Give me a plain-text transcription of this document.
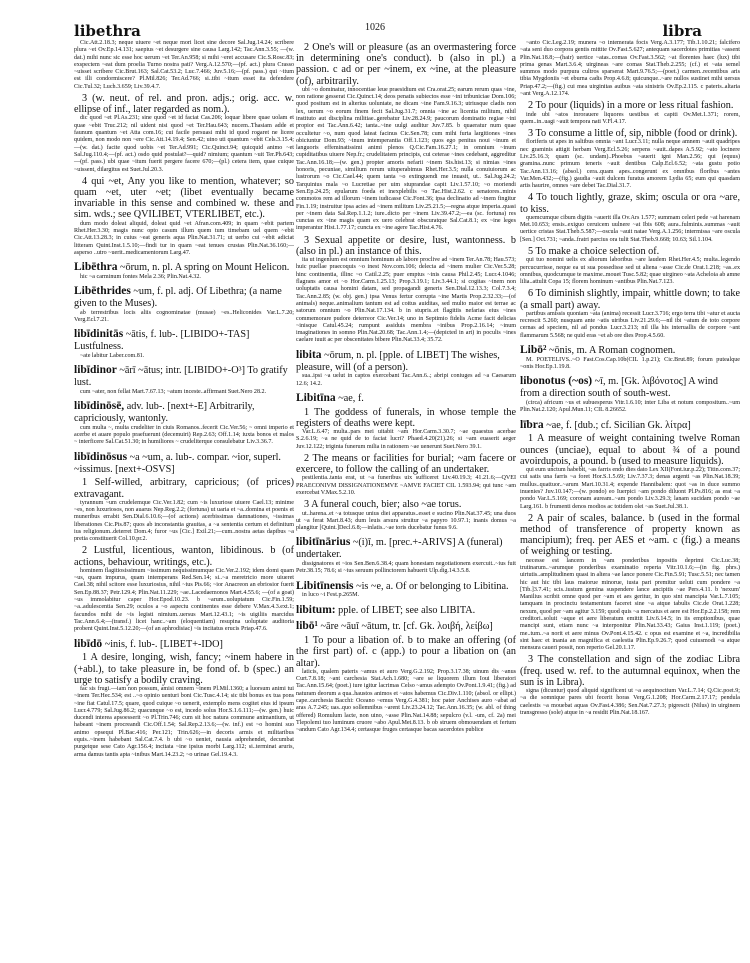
libethra	1026	libra

Cic.Att.2.18.3; neque uiuere ~et neque mori licet sine decore Sal.Jug.14.24; scribere plura ~et Ov.Ep.14.131; saepius ~et desurgere sine causa Larg.142; Tac.Ann.3.55; —(w. dat.) mihi nunc sic esse hoc uerum ~et Ter.An.958; si mihi ~eret accusare Cic.S.Rosc.83; exspectem ~eat dum proelia Turno nostra pati? Verg.A.12.570;—(pf. act.) plura Crasso ~uisset scribere Cic.Brut.163; Sal.Cat.53.2; Luc.7.466; Juv.5.16;—(pf. pass.) qui ~itum est illi condormiscere? Pl.Mil.826; Ter.Ad.766; si..tibi ~itum esset ita defendere Cic.Tul.32; Luch.3.659; Liv.39.4.7.

3 (w. neut. of rel. and pron. adjs.; orig. acc. w. ellipse of inf., later regarded as nom.).

dic quod ~et Pl.As.231; sine quod ~et id faciat Cas.206; loquar libere quae uolam et quae ~ebit Truc.212; nil uident nisi quod ~et Ter.Hau.643; nucem..Thasiam adde et faunum quantum ~et Atta com.16; cui facile persuasi mihi id quod rogaret ne licere quidem, non modo non ~ere Cic.Att.14.19.4; Sen.42; uino uti quantum ~ebit Cels.3.15.4;—(w. dat.) facite quod uobis ~et Ter.Ad.991; Cic.Quinct.94; quicquid animo ~et Sal.Jug.110.4;—(pf. act.) osdo quid postulat?—quid? nimium; quantum ~uit Ter.Ph.643;—(pf. pass.) ubi quae ~itum fuerit pergere facere 670;—(pl.) cetera item, quae cuique ~uissent, dilargitus est Suet.Jul.20.3.

4 qui ~et, Any you like to mention, whatever; so quam ~et, uter ~et; (libet eventually became invariable in this sense and combined w. these and sim. wds.; see QVILIBET, VTERLIBET, etc.).

dum modo doleat aliquid, doleat quid ~et Afran.com.409; in quam ~ebit partem Rhet.Her.3.30; magis nunc opto casum illum quem tum timebam uel quem ~ebit Cic.Att.13.28.3; in cuius ~eat generis aqua Plin.Nat.31.71; ut uerbo cui ~ebit adiciat litteram Quint.Inst.1.5.10;—findi tur in quam ~eat tenues crustas Plin.Nat.36.160;—asperso ..utro ~uerit..medicamentorum Larg.47.

Libēthra ~ōrum, n. pl. A spring on Mount Helicon.

hic ~a carminum fontes Mela 2.36; Plin.Nat.4.32.

Libēthrides ~um, f. pl. adj. Of Libethra; (a name given to the Muses).

ab terrestribus locis aliis cognominatae (musae) ~es..Heliconides Var.L.7.20; Verg.Ecl.7.21.

libīdinitās ~ātis, f. lub-. [LIBIDO+-TAS] Lustfulness.

~ate labitur Laber.com.81.

libīdinor ~ārī ~ātus; intr. [LIBIDO+-O³] To gratify lust.

cum ~ater, non fellat Mart.7.67.13; ~atum inceste..affirmant Suet.Nero 28.2.

libīdinōsē, adv. lub-. [next+-E] Arbitrarily, capriciously, wantonly.

cum multa ~, multa crudeliter in ciuis Romanos..fecerit Cic.Ver.56; ~ omni imperio et acerbe et auare populo praefuerunt (decemuiri) Rep.2.63; Off.1.14; iuxta bonos et malos ~ interficere Sal.Cat.51.30; in humiliores ~ crudeliterque consulebatur Liv.3.36.7.

libīdinōsus ~a ~um, a. lub-. compar. ~ior, superl. ~issimus. [next+-OSVS]

1 Self-willed, arbitrary, capricious; (of prices) extravagant.

tyrannum ~um crudelemque Cic.Ver.1.82; cum ~is luxuriose uiuere Cael.13; minime ~es, non luxuriosos, non auarus Nep.Reg.2.2; (fortuna) ut uaria et ~a..domina et poenis et muneribus errabit Sen.Dial.6.10.6;—(of actions) acerbissimas damnationes, ~issimas liberationes Cic.Pis.87; quos ab inconstantia grauitas, a ~a sententia certum et definitum ius religionum..deterret Dom.4; furor ~us [Cic.] Exil.21;—cum..nostra aetas dapibus ~a pretia constituerit Col.10.pr.2.

2 Lustful, licentious, wanton, libidinous. b (of actions, behaviour, writings, etc.).

hominem flagitiosissimum ~issimum nequissimumque Cic.Ver.2.192; idem domi quam ~us, quam impurus, quam intemperans Red.Sen.14; si..~a meretricio more uiueret Cael.38; nihil scitore esse luxuriosius, nihil ~ius Pis.66; ~ior Anacreon an ebriosior fuerit Sen.Ep.88.37; Petr.129.4; Plin.Nat.11.229; ~ae..Lacedaemonos Mart.4.55.6; —(of a goat) ~us immolabitur caper Hor.Epod.10.23. b ~arum..uoluptatum Cic.Fin.1.59; ~a..adulescentia Sen.29; oculos a ~o aspectu continentes esse debere V.Max.4.3.ext.1; facundos mihi de ~is legisti nimium..uersus Mart.12.43.1; ~is uigiliis marcidus Tac.Ann.6.4;—(transf.) licet hanc..~am (eloquentiam) resupina uoluptate auditoria probent Quint.Inst.5.12.20;—(of an aphrodisiac) ~is incitatus erucis Priap.47.6.

libīdō ~inis, f. lub-. [LIBET+-IDO]

1 A desire, longing, wish, fancy; ~inem habere in (+abl.), to take pleasure in, be fond of. b (spec.) an urge to satisfy a bodily craving.

fac sis frugi.—iam non possum, amisi omnem ~inem Pl.Mil.1360; a luorsum animi tui ~inem Ter.Hec.534; est ..~o opinio uenturi boni Cic.Tusc.4.14; sic tibi bonus ex tua pons ~ine fiat Catul.17.5; quare, quod cuique ~o uenerit, extemplo mens cogitet eius id ipsum Lucr.4.779; Sal.Jug.86.2; quacunque ~o est, incedo solus Hor.S.1.6.111;—(w. gen.) huic ducendi interea apsoesserit ~o Pl.Trin.746; cum sit hoc natura commune animantium, ut habeant ~inem procreandi Cic.Off.1.54; Sal.Rep.2.13.6;—(w. inf.) est ~o homini suo animo opsequi Pl.Bac.416; Per.121; Trin.626;—in decoris armis et militaribus equis..~inem habebant Sal.Cat.7.4. b ubi ~o ueniet, nausia adprehendet, decumbat purgetque sese Cato Agr.156.4; incitata ~ine ipsius morbi Larg.112; si..terminat aruris, arma damus tantis apta ~inibus Mart.14.23.2; ~o urinae Gel.19.4.3.

2 One's will or pleasure (as an overmastering force in determining one's conduct). b (also in pl.) a passion. c ad or per ~inem, ex ~ine, at the pleasure (of), arbitrarily.

ubi ~o dominatur, innocentiae leue praesidium est Cra.orat.25; earum rerum quas ~ine, non ratione gesserat Cic.Quinct.14; deos penatis subiectos esse ~ini tribuniciae Dom.106; quod positum est in alterius uoluntate, ne dicam ~ine Fam.9.16.3; utriusque cladis non lex, uerum ~o eorum finem fecit Sal.Jug.31.7; omnia ~ine ac licentia militum, nihil instituto aut disciplina militiae..gerebatur Liv.28.24.9; paucorum dominatio regiae ~ini propior est Tac.Ann.6.42; tanta..~ine uulgi auditur Juv.7.85. b quaeratur num quae occultetur ~o, num quod lateat facinus Cic.Sen.78; cum mihi furta largitiones ~ines obiciuntur Dom.93; ~inum intemperantia Off.1.123; quos ego penitus noui ~inum et languoris effeminatissimi animi plenos Q.Cic.Fam.16.27.1; in omnium ~inum cupiditatibus uiuere Nep.fr.; crudelitatem principis, cui ceterae ~ines cedebant, aggreditur Tac.Ann.16.18;—(w. gen.) propter amoris nefarii ~inem Sis.hist.13; si nimias ~ines honoris, pecuniae, similium rerum uituperabimus Rhet.Her.3.5; nulla conuiuiorum ac lustrorum ~o Cic.Cael.44; quem tanta ~o extinguendi me inuasit, ut.. Sal.Jug.24.2; Tarquinius mala ~o Lucretiae per uim stuprandae capit Liv.1.57.10; ~o moriendi Sen.Ep.24.25; epularum foeda et inexplebilis ~o Tac.Hist.2.62. c senatores..minis commotos rem ad illorum ~inem iudicasse Cic.Font.36; ipsa declinatio ad ~inem fingitur Fin.1.19; instruitur ipsa acies ad ~inem militum Liv.25.21.5;—regna atque imperia..quasi per ~inem data Sal.Rep.1.1.2; iure..dicto per ~inem Liv.39.47.2;—ea (sc. fortuna) res cunctas ex ~ine magis quam ex uero celebrat obscuratque Sal.Cat.8.1; ex ~ine leges imperantur Hist.1.77.17; cuncta ex ~ine agere Tac.Hist.4.76.

3 Sexual appetite or desire, lust, wantonness. b (also in pl.) an instance of this.

ita ut ingenium est omnium hominum ab labore proclive ad ~inem Ter.An.78; Hau.573; huic puellae praecoquis ~o inest Nov.com.106; delecta ad ~inem mulier Cic.Ver.5.28; hinc continentia, illinc ~o Catil.2.25; puer emptus ~inis causa Phil.2.45; Lucr.4.1046; flagrans amor et ~o Hor.Carm.1.25.13; Prop.3.19.1; Liv.3.44.1; si cogitas ~inem non uoluptatis causa homini datam, sed propagandi generis Sen.Dial.12.13.3; Col.7.3.4; Tac.Ann.2.85; (w. obj. gen.) ipsa Venus fertur corrupta ~ine Martis Prop.2.32.33;—(of animals) neque..animalium tantum est ad coitus auiditas, sed multo maior est terrae ac satorum omnium ~o Plin.Nat.17.134. b in stupris..et flagitiis nefarias eius ~ines commemorare pudore deterreor Cic.Ver.14; uno in Septimio fidelis Acme facit delicias ~inisque Catul.45.24; rumpunt assiduis membra ~inibus Prop.2.16.14; ~inum imaginationes in somno Plin.Nat.20.68; Tac.Ann.1.4;—(depicted in art) in poculis ~ines caelare iuuit ac per obscenitates bibere Plin.Nat.33.4; 35.72.

libita ~ōrum, n. pl. [pple. of LIBET] The wishes, pleasure, will (of a person).

sua..ipsi ~a uelut in captos exercebant Tac.Ann.6..; abripi coniuges ad ~a Caesarum 12.6; 14.2.

Libitīna ~ae, f.

1 The goddess of funerals, in whose temple the registers of deaths were kept.

Var.L.6.47; multa..pars mei uitabit ~am Hor.Carm.3.30.7; ~ae quaestus acerbae S.2.6.19; ~a ne quid de to faciat lucri? Phaed.4.20(21).26; si ~am euaserit aeger Juv.12.122; triginta funerum milia in rationem ~ae uenerunt Suet.Nero 39.1.

2 The means or facilities for burial; ~am facere or exercere, to follow the calling of an undertaker.

pestilentia..tanta erat, ut ~a funeribus uix sufficeret Liv.40.19.3; 41.21.6;—QVEI PRAECONIVM DISSIGNATIONEMVE ~AMVE FACIET CIL 1.593.94; qui tunc ~am exercebat V.Max.5.2.10.

3 A funeral couch, bier; also ~ae torus.

ut..harena..et ~a totusque unius diei apparatus..esset e sucino Plin.Nat.37.45; una duos ut ~a ferat Mart.8.43; dum leuis arsura struitur ~a papyro 10.97.1; inanis domus ~a plangitur [Quint.]Decl.6.8;—inlatis..~ae toris ducebatur funus 9.6.

libitīnārius ~(i)ī, m. [prec.+-ARIVS] A (funeral) undertaker.

dissignatores et ~ios Sen.Ben.6.38.4; quam honestam negotiationem exercuit..~ius fuit Petr.38.15; 78.6; si ~ius seruum pollinctorem habuerit Ulp.dig.14.3.5.8.

Libitīnensis ~is ~e, a. Of or belonging to Libitina.

in luco ~i Fest.p.265M.

libitum: pple. of LIBET; see also LIBITA.

libō¹ ~āre ~āuī ~ātum, tr. [cf. Gk. λοιβή, λείβω]

1 To pour a libation of. b to make an offering (of the first part) of. c (app.) to pour a libation on (an altar).

laticis, qualem pateris ~amus et auro Verg.G.2.192; Prop.3.17.38; uinum dis ~anus Curt.7.8.18; ~ant carchesia Stat.Ach.1.680; ~are se liquorem illum Ioui liberatori Tac.Ann.15.64; (poet.) iure igitur lacrimas Celso ~amus adempto Ov.Pont.1.9.41; (fig.) ad naturam deorum a qua..haustos animos et ~atos habemus Cic.Div.1.110; (absol. or ellipt.) cape..carchesia Bacchi: Oceano ~emus Verg.G.4.381; hoc pater Anchises auro ~abat ad aras A.7.245; uas..quo sollemnibus ~arent Liv.23.24.12; Tac.Ann.16.35; (w. abl. of thing offered) Romulum lacte, non uino, ~asse Plin.Nat.14.88; sepulcro (v.l. -um, cf. 2a) mei Tlepolemi tuo luminum cruore ~abo Apul.Met.8.13. b ob struem obmouendam et fertum ~andum Cato Agr.134.4; certasque fruges certasque bacas sacerdotes publice

~anto Cic.Leg.2.19; munera ~o intemerata focis Verg.A.3.177; Tib.1.10.21; falcifero ~ata seni duo corpora gentis mittite Ov.Fast.5.627; antequam sacerdotes primitias ~assent Plin.Nat.18.8;—(hair) uertice ~atas..comas Ov.Fast.3.562; ~at florentes haec (lux) tibi prima genas Mart.3.6.4; uirgineas ~are comas Stat.Theb.2.255; (cf.) et ~ata semel summos modo purpura cultros sparserat Mart.9.76.5;—(poet.) carmen..recentibus aris tibia Mygdoniis ~et eburna cadis Prop.4.6.8; quicunque..~are nullos sustinet mihi uersus Priap.47.2;—(fig.) cui mea uirginitas auibus ~ata sinistris Ov.Ep.2.115. c pateris..altaria ~ant Verg.A.12.174.

2 To pour (liquids) in a more or less ritual fashion.

inde ubi ~atos inrorauere liquores uestibus et capiti Ov.Met.1.371; rorem, quem..in..uagi ~auit tempora nati V.Fl.4.17.

3 To consume a little of, sip, nibble (food or drink).

floriferis ut apes in saltibus omnia ~ant Lucr.3.11; nulla neque amnem ~auit quadripes nec graminis attigit herbam Verg.Ecl.5.26; serpens ~auit..dapes A.5.92; ~ato locinere Liv.25.16.3; quam (sc. undam)..Phoebus ~auerit igni Man.2.56; qui (equus) gramina..nunc primum teneris ~auit dentibus Calp.Ecl.6.52; ~ata gustu potio Tac.Ann.13.16; (absol.) cera..quam apes..congerunt ex omnibus floribus ~antes Var.Men.432;—(fig.) gaudia ~auit dulcem furatus amorem Lydia 65; eum qui quasdam artis haurire, omnes ~are debet Tac.Dial.31.7.

4 To touch lightly, graze, skim; oscula or ora ~are, to kiss.

quemcumque cibum digitis ~auerit illa Ov.Ars 1.577; summam celeri pede ~at harenam Met.10.653; ensis..exiguo ceruicem uulnere ~at Ibis 608; aura..fulminis..summas ~auit uertice cristas Stat.Theb.5.587;—oscula ~auit natae Verg.A.1.256; intermissa ~are oscula [Sen.] Oct.731; ~anda..fratri parcius ora tulit Stat.Theb.9.668; 10.63; Sil.1.104.

5 To make a choice selection of.

qui tuo nomini uelis ex aliorum laboribus ~are laudem Rhet.Her.4.5; multa..legendo percucurrisse, neque ea ut sua possedisse sed ut aliena ~asse Cic.de Orat.1.218; ~as..ex omnibus, quodcumque te maxime..mouet Tusc.5.82; quae uirgineo ~ata Acheloia ab amne lilia..attulit Copa 15; florem hominum ~antibus Plin.Nat.7.123.

6 To diminish slightly, impair, whittle down; to take (a small part) away.

partibus amissis quoniam ~ata (anima) recessit Lucr.3.716; ergo terra tibi ~atur et aucta recrescit 5.260; nusquam ante ~atis uiribus Liv.21.29.6;—nil ibi ~atum de toto corpore cernas ad speciem, nil ad pondus Lucr.3.213; nil illa his interuallis de corpore ~ant flammarum 5.568; ne quid eras ~et ab ore dies Prop.4.5.60.

Libō² ~ōnis, m. A Roman cognomen.

M. POETELIVS..~O Fast.Cos.Cap.10b(CIL 1.p.21); Cic.Brut.89; forum putealque ~onis Hor.Ep.1.19.8.

libonotus (~os) ~ī, m. [Gk. λιβόνοτος] A wind from a direction south of south-west.

(circa) africum ~us et subuesperus Vitr.1.6.10; inter Liba et notum compositum..~um Plin.Nat.2.120; Apul.Mun.11; CIL 8.26652.

lībra ~ae, f. [dub.; cf. Sicilian Gk. λίτρα]

1 A measure of weight containing twelve Roman ounces (unciae), equal to about ¾ of a pound avoirdupois, a pound. b (used to measure liquids).

qui eum unctum habebit, ~as farris endo dies dato Lex XII(Font.iur.p.22); Titin.com.37; cui satis una farris ~a foret Hor.S.1.5.69; Liv.7.37.3; denas argenti ~as Plin.Nat.18.39; mullus..quattuor..~arum Mart.10.31.4; expende Hannibalem: quot ~as in duce summo inuenies? Juv.10.147;—(w. pondo) eo Iuerpici ~am pondo diluont Pl.Ps.816; as erat ~a pondo Var.L.5.169; coronam auream..~am pondo Liv.3.29.3; lanam sucidam pondo ~ae Larg.161. b frumenti denos modios ac totidem olei ~as Suet.Jul.38.1.

2 A pair of scales, balance. b (used in the formal method of transference of property known as mancipium); freq. per AES et ~am. c (fig.) a means of weighing or testing.

necesse est lancem in ~am ponderibus inpositis deprimi Cic.Luc.38; trutinarum..~arumque ponderibus examinatio reperta Vitr.10.1.6;—(in fig. phrs.) uirtutis..amplitudinem quasi in altera ~ae lance ponere Cic.Fin.5.91; Tusc.5.51; nec tamen hic aut hic tibi laus maiorue minorue, iusta pari premitur ueluti cum pondere ~a [Tib.]3.7.41; scis..iustum gemina suspendere lance ancipitis ~ae Pers.4.11. b 'nexum' Manilius scribit omne quod per ~am et aes geritur, in quo sint mancipia Var.L.7.105; tamquam in procinctu testamentum faceret sine ~a atque tabulis Cic.de Orat.1.228; nexum, quod per ~am agitur 3.159; quod quis ~a mercatus et aere est Hor.Ep.2.2.158; rem creditori..soluit ~aque et aere liberatum emittit Liv.6.14.5; in iis emptionibus, quae mancipi sunt, etiam nunc ~a interponitur Plin.Nat.33.43; Gaius Inst.1.119; (poet.) me..tum..~a norit et aere minus Ov.Pont.4.15.42. c opus est examine et ~a, incredibilia sint haec et inania an magnifica et caelestia Plin.Ep.9.26.7; quod cuiusmodi ~a atque mensura caueri possit, non reperio Gel.20.1.17.

3 The constellation and sign of the zodiac Libra (freq. used w. ref. to the autumnal equinox, when the sun is in Libra).

signa (dicuntur) quod aliquid significent ut ~a aequinoctium Var.L.7.14; Q.Cic.poet.9; ~a die somnique pares ubi fecerit horas Verg.G.1.208; Hor.Carm.2.17.17; pendula caelestis ~a mouebat aquas Ov.Fast.4.386; Sen.Nat.7.27.3; pigrescit (Nilus) in uirginem transgresso (sole) atque in ~a residit Plin.Nat.18.167.
